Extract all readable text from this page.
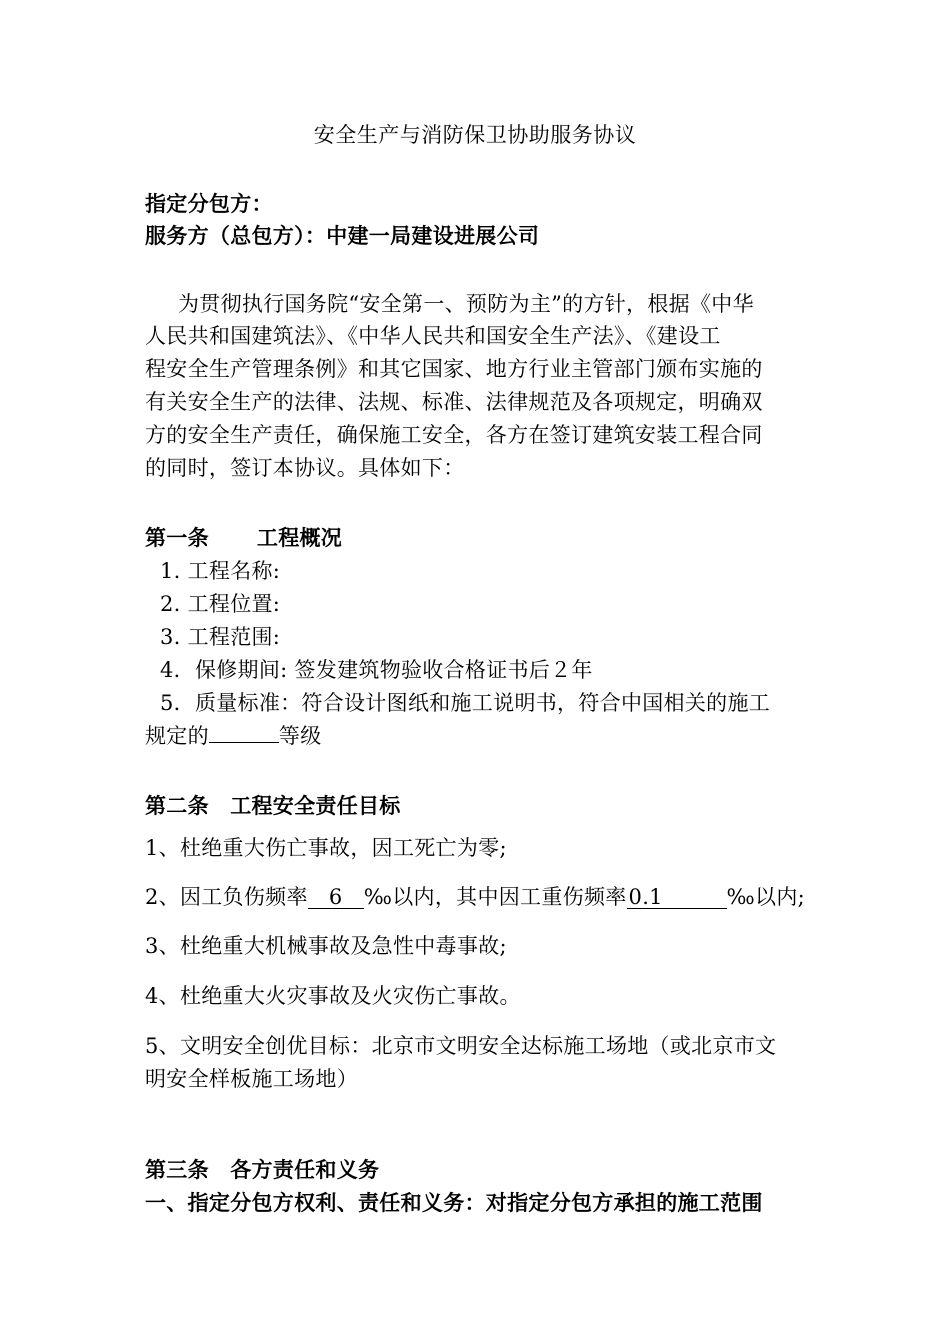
安全生产与消防保卫协助服务协议

指定分包方：

服务方（总包方）：中建一局建设进展公司

为贯彻执行国务院“安全第一、预防为主”的方针，根据《中华

人民共和国建筑法》、《中华人民共和国安全生产法》、《建设工

程安全生产管理条例》和其它国家、地方行业主管部门颁布实施的

有关安全生产的法律、法规、标准、法律规范及各项规定，明确双

方的安全生产责任，确保施工安全，各方在签订建筑安装工程合同

的同时，签订本协议。具体如下：

第一条 工程概况

1. 工程名称:

2. 工程位置:

3. 工程范围:

4．保修期间: 签发建筑物验收合格证书后２年

5．质量标准：符合设计图纸和施工说明书，符合中国相关的施工

规定的	等级

第二条　工程安全责任目标

1、杜绝重大伤亡事故，因工死亡为零;

2、因工负伤频率 6 ‰以内，其中因工重伤频率0.1	‰以内;

3、杜绝重大机械事故及急性中毒事故;

4、杜绝重大火灾事故及火灾伤亡事故。

5、文明安全创优目标：北京市文明安全达标施工场地（或北京市文

明安全样板施工场地）

第三条　各方责任和义务

一、指定分包方权利、责任和义务：对指定分包方承担的施工范围
